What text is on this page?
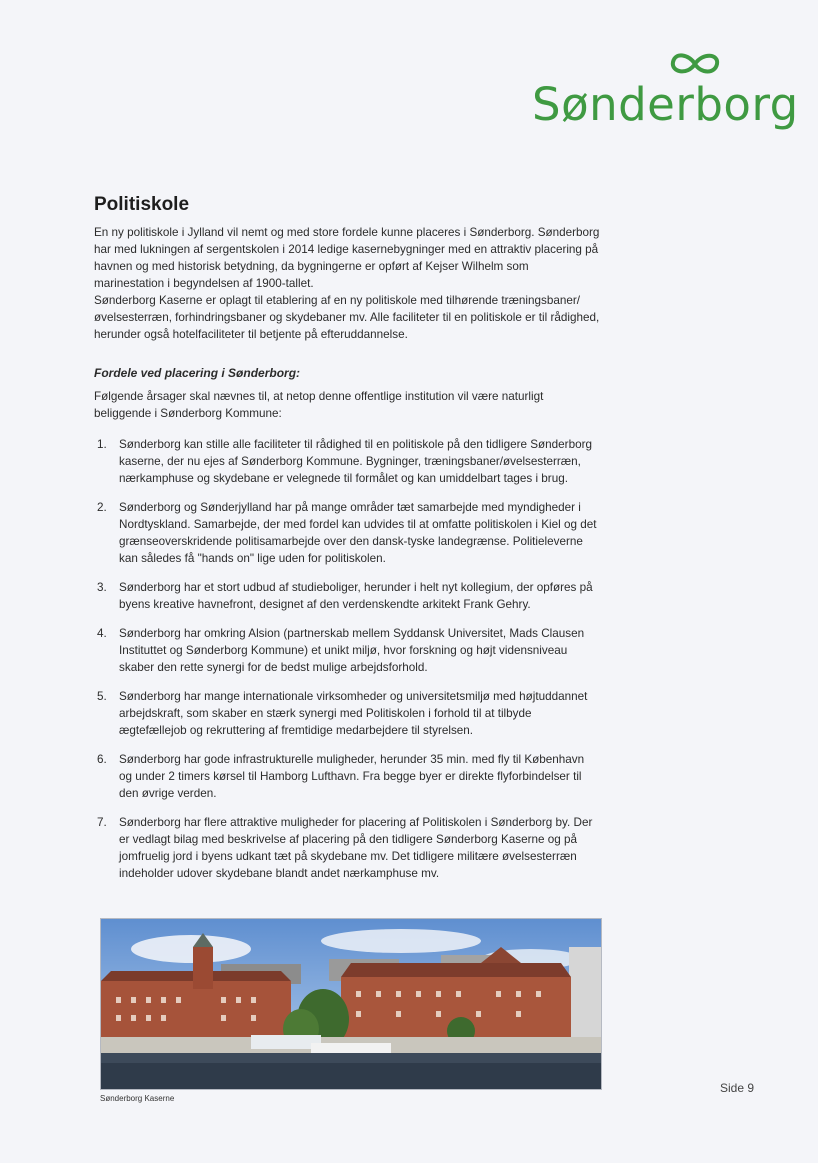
Sønderborg
Politiskole

En ny politiskole i Jylland vil nemt og med store fordele kunne placeres i Sønderborg. Sønderborg har med lukningen af sergentskolen i 2014 ledige kasernebygninger med en attraktiv placering på havnen og med historisk betydning, da bygningerne er opført af Kejser Wilhelm som marinestation i begyndelsen af 1900-tallet.

Sønderborg Kaserne er oplagt til etablering af en ny politiskole med tilhørende træningsbaner/øvelsesterræn, forhindringsbaner og skydebaner mv. Alle faciliteter til en politiskole er til rådighed, herunder også hotelfaciliteter til betjente på efteruddannelse.

Fordele ved placering i Sønderborg:

Følgende årsager skal nævnes til, at netop denne offentlige institution vil være naturligt beliggende i Sønderborg Kommune:

1. Sønderborg kan stille alle faciliteter til rådighed til en politiskole på den tidligere Sønderborg kaserne, der nu ejes af Sønderborg Kommune. Bygninger, træningsbaner/øvelsesterræn, nærkamphuse og skydebane er velegnede til formålet og kan umiddelbart tages i brug.
2. Sønderborg og Sønderjylland har på mange områder tæt samarbejde med myndigheder i Nordtyskland. Samarbejde, der med fordel kan udvides til at omfatte politiskolen i Kiel og det grænseoverskridende politisamarbejde over den dansk-tyske landegrænse. Politieleverne kan således få "hands on" lige uden for politiskolen.
3. Sønderborg har et stort udbud af studieboliger, herunder i helt nyt kollegium, der opføres på byens kreative havnefront, designet af den verdenskendte arkitekt Frank Gehry.
4. Sønderborg har omkring Alsion (partnerskab mellem Syddansk Universitet, Mads Clausen Instituttet og Sønderborg Kommune) et unikt miljø, hvor forskning og højt vidensniveau skaber den rette synergi for de bedst mulige arbejdsforhold.
5. Sønderborg har mange internationale virksomheder og universitetsmiljø med højtuddannet arbejdskraft, som skaber en stærk synergi med Politiskolen i forhold til at tilbyde ægtefællejob og rekruttering af fremtidige medarbejdere til styrelsen.
6. Sønderborg har gode infrastrukturelle muligheder, herunder 35 min. med fly til København og under 2 timers kørsel til Hamborg Lufthavn. Fra begge byer er direkte flyforbindelser til den øvrige verden.
7. Sønderborg har flere attraktive muligheder for placering af Politiskolen i Sønderborg by. Der er vedlagt bilag med beskrivelse af placering på den tidligere Sønderborg Kaserne og på jomfruelig jord i byens udkant tæt på skydebane mv. Det tidligere militære øvelsesterræn indeholder udover skydebane blandt andet nærkamphuse mv.
Sønderborg Kaserne
Side 9
